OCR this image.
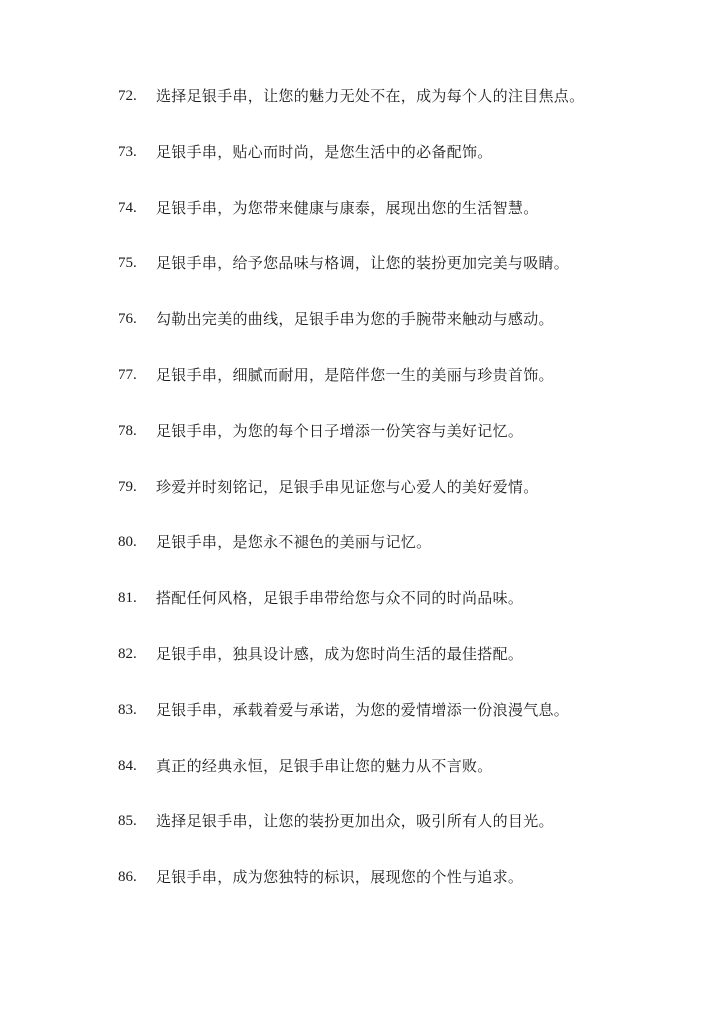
72.	选择足银手串，让您的魅力无处不在，成为每个人的注目焦点。
73.	足银手串，贴心而时尚，是您生活中的必备配饰。
74.	足银手串，为您带来健康与康泰，展现出您的生活智慧。
75.	足银手串，给予您品味与格调，让您的装扮更加完美与吸睛。
76.	勾勒出完美的曲线，足银手串为您的手腕带来触动与感动。
77.	足银手串，细腻而耐用，是陪伴您一生的美丽与珍贵首饰。
78.	足银手串，为您的每个日子增添一份笑容与美好记忆。
79.	珍爱并时刻铭记，足银手串见证您与心爱人的美好爱情。
80.	足银手串，是您永不褪色的美丽与记忆。
81.	搭配任何风格，足银手串带给您与众不同的时尚品味。
82.	足银手串，独具设计感，成为您时尚生活的最佳搭配。
83.	足银手串，承载着爱与承诺，为您的爱情增添一份浪漫气息。
84.	真正的经典永恒，足银手串让您的魅力从不言败。
85.	选择足银手串，让您的装扮更加出众，吸引所有人的目光。
86.	足银手串，成为您独特的标识，展现您的个性与追求。
